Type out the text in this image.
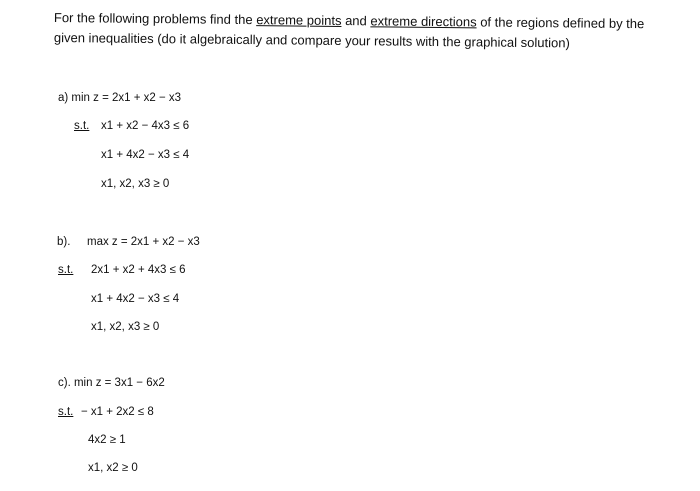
For the following problems find the extreme points and extreme directions of the regions defined by the
given inequalities (do it algebraically and compare your results with the graphical solution)
a) min z = 2x1 + x2 − x3
s.t. x1 + x2 − 4x3 ≤ 6
x1 + 4x2 − x3 ≤ 4
x1, x2, x3 ≥ 0
b). max z = 2x1 + x2 − x3
s.t. 2x1 + x2 + 4x3 ≤ 6
x1 + 4x2 − x3 ≤ 4
x1, x2, x3 ≥ 0
c). min z = 3x1 − 6x2
s.t. − x1 + 2x2 ≤ 8
4x2 ≥ 1
x1, x2 ≥ 0
